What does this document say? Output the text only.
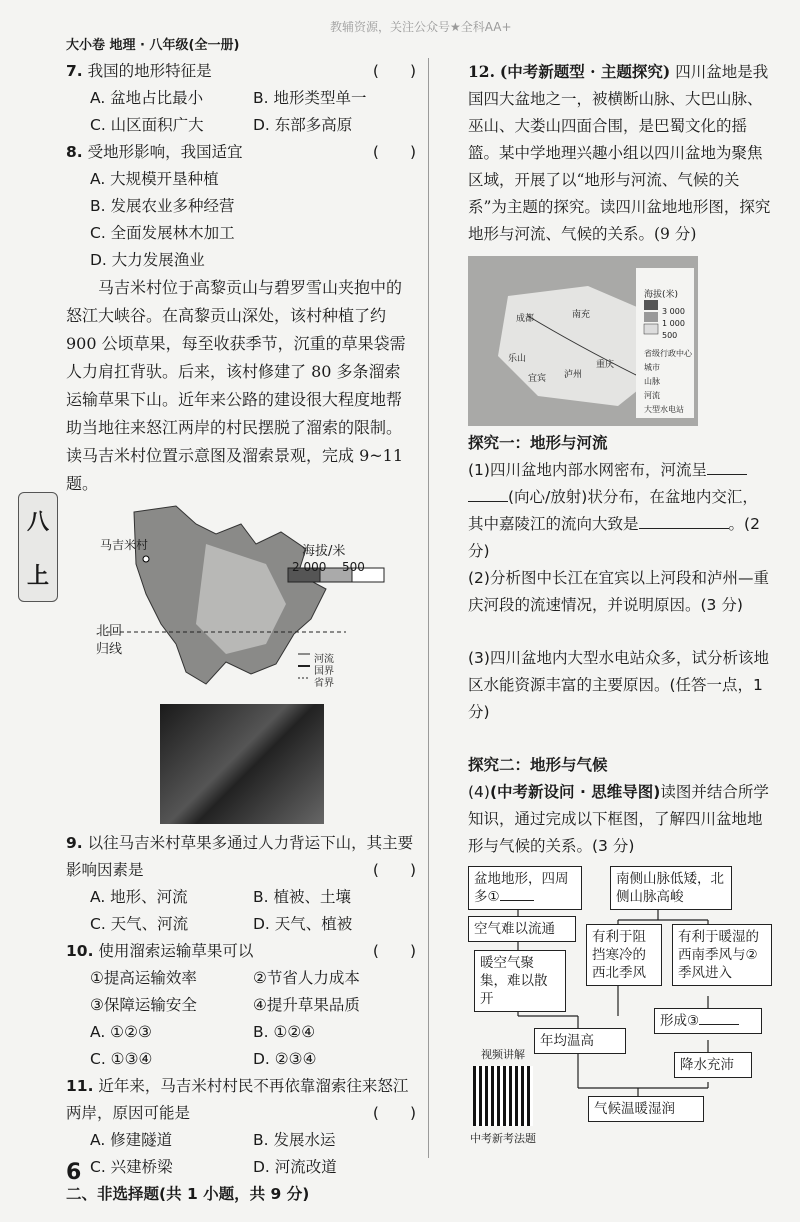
教辅资源，关注公众号★全科AA+
大小卷 地理 · 八年级(全一册)
八
上
7. 我国的地形特征是	(　　)
A. 盆地占比最小	B. 地形类型单一
C. 山区面积广大	D. 东部多高原
8. 受地形影响，我国适宜	(　　)
A. 大规模开垦种植
B. 发展农业多种经营
C. 全面发展林木加工
D. 大力发展渔业
马吉米村位于高黎贡山与碧罗雪山夹抱中的怒江大峡谷。在高黎贡山深处，该村种植了约 900 公顷草果，每至收获季节，沉重的草果袋需人力肩扛背驮。后来，该村修建了 80 多条溜索运输草果下山。近年来公路的建设很大程度地帮助当地往来怒江两岸的村民摆脱了溜索的限制。读马吉米村位置示意图及溜索景观，完成 9~11 题。
马吉米村	海拔/米
2 000 500
北回
归线
河流
国界
省界
9. 以往马吉米村草果多通过人力背运下山，其主要影响因素是	(　　)
A. 地形、河流	B. 植被、土壤
C. 天气、河流	D. 天气、植被
10. 使用溜索运输草果可以	(　　)
①提高运输效率	②节省人力成本
③保障运输安全	④提升草果品质
A. ①②③	B. ①②④
C. ①③④	D. ②③④
11. 近年来，马吉米村村民不再依靠溜索往来怒江两岸，原因可能是	(　　)
A. 修建隧道	B. 发展水运
C. 兴建桥梁	D. 河流改道
二、非选择题(共 1 小题，共 9 分)
12. (中考新题型 · 主题探究) 四川盆地是我国四大盆地之一，被横断山脉、大巴山脉、巫山、大娄山四面合围，是巴蜀文化的摇篮。某中学地理兴趣小组以四川盆地为聚焦区域，开展了以“地形与河流、气候的关系”为主题的探究。读四川盆地地形图，探究地形与河流、气候的关系。(9 分)
海拔(米)
3 000
1 000
500
省级行政中心
城市
山脉
河流
大型水电站
成都	南充
重庆
泸州
宜宾
乐山
探究一：地形与河流
(1)四川盆地内部水网密布，河流呈(向心/放射)状分布，在盆地内交汇，其中嘉陵江的流向大致是	。(2 分)
(2)分析图中长江在宜宾以上河段和泸州—重庆河段的流速情况，并说明原因。(3 分)
(3)四川盆地内大型水电站众多，试分析该地区水能资源丰富的主要原因。(任答一点，1 分)
探究二：地形与气候
(4)(中考新设问 · 思维导图)读图并结合所学知识，通过完成以下框图，了解四川盆地地形与气候的关系。(3 分)
盆地地形，四周多①
南侧山脉低矮，北侧山脉高峻
空气难以流通	有利于阻挡寒冷的西北季风
有利于暖湿的西南季风与②　　季风进入
暖空气聚集，难以散开
年均温高
形成③
降水充沛
气候温暖湿润
视频讲解
中考新考法题
6
